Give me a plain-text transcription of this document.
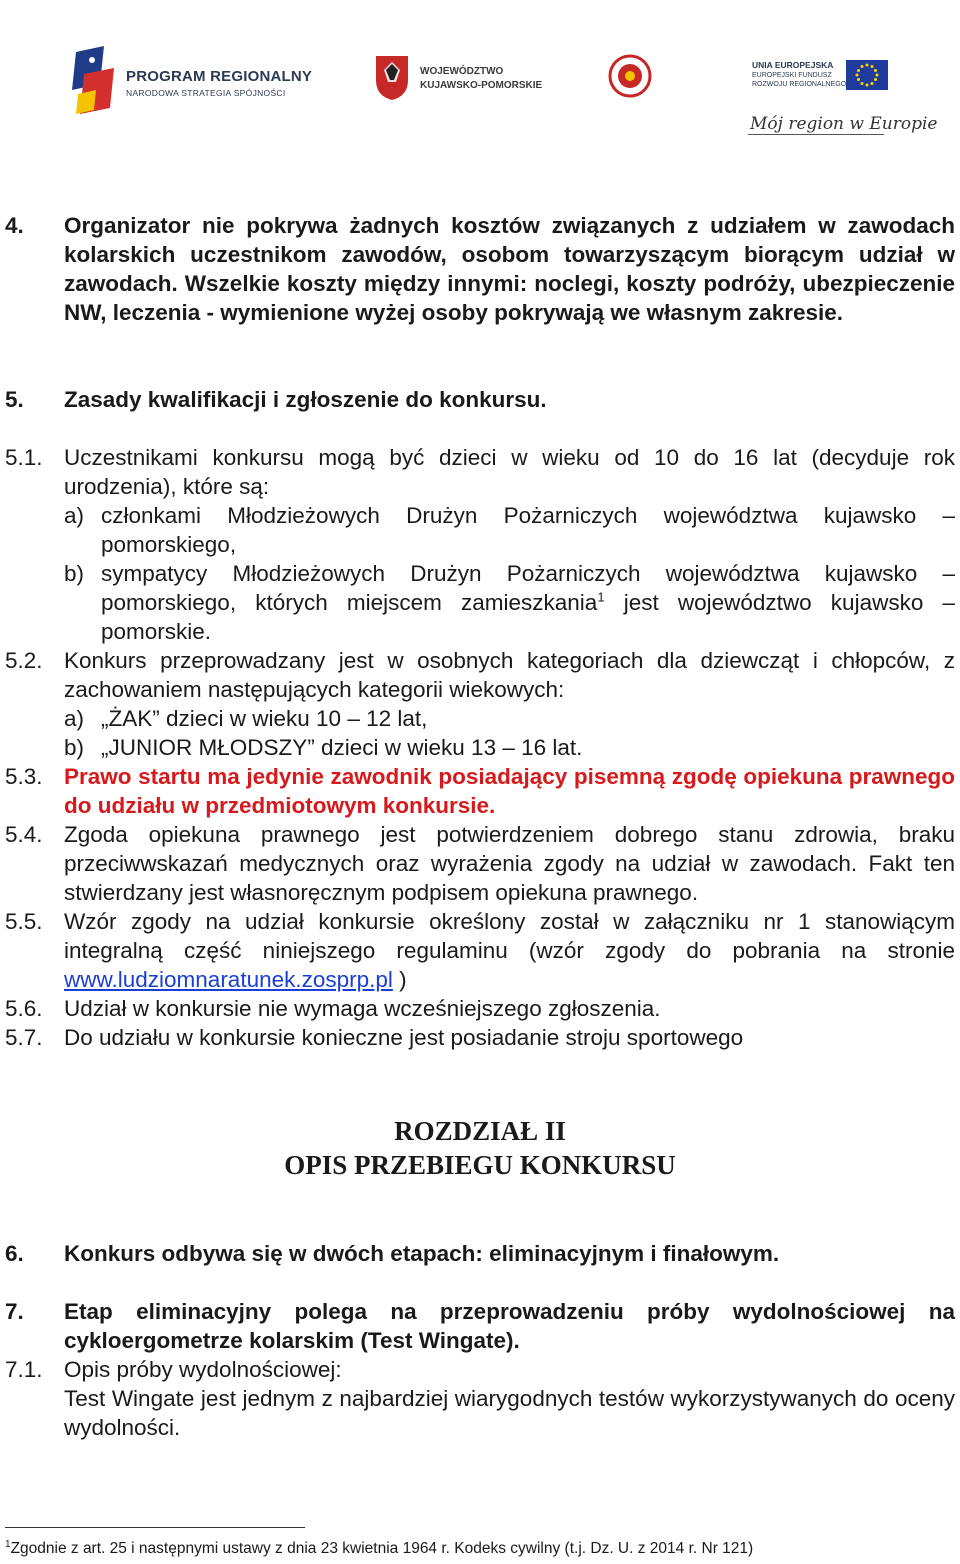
PROGRAM REGIONALNY
NARODOWA STRATEGIA SPÓJNOŚCI
WOJEWÓDZTWO
KUJAWSKO-POMORSKIE
UNIA EUROPEJSKA
EUROPEJSKI FUNDUSZ
ROZWOJU REGIONALNEGO
Mój region w Europie
4. Organizator nie pokrywa żadnych kosztów związanych z udziałem w zawodach kolarskich uczestnikom zawodów, osobom towarzyszącym biorącym udział w zawodach. Wszelkie koszty między innymi: noclegi, koszty podróży, ubezpieczenie NW, leczenia - wymienione wyżej osoby pokrywają we własnym zakresie.
5. Zasady kwalifikacji i zgłoszenie do konkursu.
5.1. Uczestnikami konkursu mogą być dzieci w wieku od 10 do 16 lat (decyduje rok urodzenia), które są:
a) członkami Młodzieżowych Drużyn Pożarniczych województwa kujawsko – pomorskiego,
b) sympatycy Młodzieżowych Drużyn Pożarniczych województwa kujawsko – pomorskiego, których miejscem zamieszkania$^1$ jest województwo kujawsko – pomorskie.
5.2. Konkurs przeprowadzany jest w osobnych kategoriach dla dziewcząt i chłopców, z zachowaniem następujących kategorii wiekowych:
a) „ŻAK” dzieci w wieku 10 – 12 lat,
b) „JUNIOR MŁODSZY” dzieci w wieku 13 – 16 lat.
5.3. Prawo startu ma jedynie zawodnik posiadający pisemną zgodę opiekuna prawnego do udziału w przedmiotowym konkursie.
5.4. Zgoda opiekuna prawnego jest potwierdzeniem dobrego stanu zdrowia, braku przeciwwskazań medycznych oraz wyrażenia zgody na udział w zawodach. Fakt ten stwierdzany jest własnoręcznym podpisem opiekuna prawnego.
5.5. Wzór zgody na udział konkursie określony został w załączniku nr 1 stanowiącym integralną część niniejszego regulaminu (wzór zgody do pobrania na stronie www.ludziomnaratunek.zosprp.pl )
5.6. Udział w konkursie nie wymaga wcześniejszego zgłoszenia.
5.7. Do udziału w konkursie konieczne jest posiadanie stroju sportowego
ROZDZIAŁ II
OPIS PRZEBIEGU KONKURSU
6. Konkurs odbywa się w dwóch etapach: eliminacyjnym i finałowym.
7. Etap eliminacyjny polega na przeprowadzeniu próby wydolnościowej na cykloergometrze kolarskim (Test Wingate).
7.1. Opis próby wydolnościowej:
Test Wingate jest jednym z najbardziej wiarygodnych testów wykorzystywanych do oceny wydolności.
$^1$Zgodnie z art. 25 i następnymi ustawy z dnia 23 kwietnia 1964 r. Kodeks cywilny (t.j. Dz. U. z 2014 r. Nr 121)
